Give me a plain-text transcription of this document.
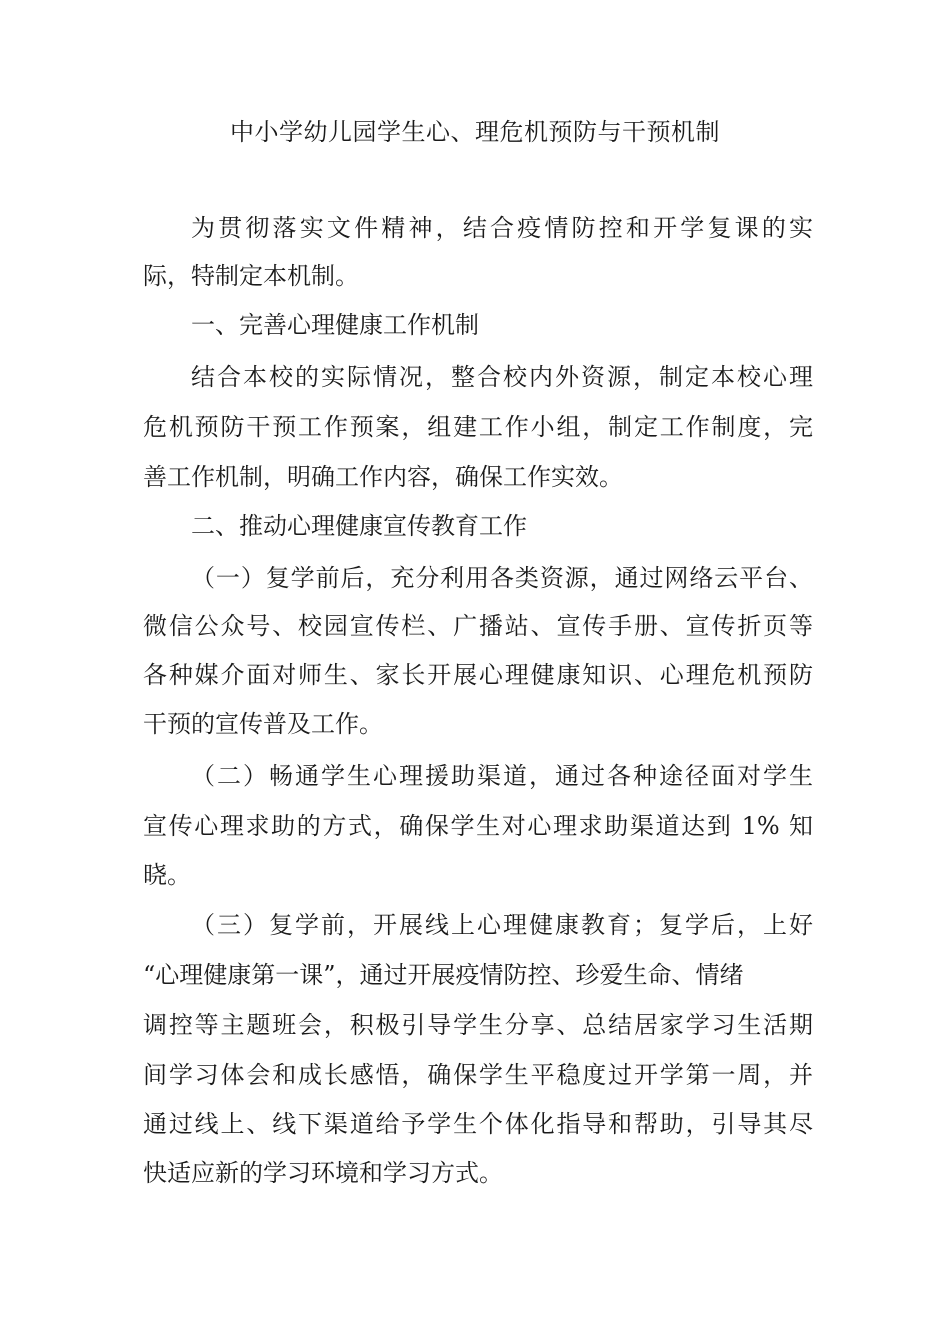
中小学幼儿园学生心、理危机预防与干预机制

为贯彻落实文件精神，结合疫情防控和开学复课的实

际，特制定本机制。

一、完善心理健康工作机制

结合本校的实际情况，整合校内外资源，制定本校心理

危机预防干预工作预案，组建工作小组，制定工作制度，完

善工作机制，明确工作内容，确保工作实效。

二、推动心理健康宣传教育工作

（一）复学前后，充分利用各类资源，通过网络云平台、

微信公众号、校园宣传栏、广播站、宣传手册、宣传折页等

各种媒介面对师生、家长开展心理健康知识、心理危机预防

干预的宣传普及工作。

（二）畅通学生心理援助渠道，通过各种途径面对学生

宣传心理求助的方式，确保学生对心理求助渠道达到 1% 知

晓。

（三）复学前，开展线上心理健康教育；复学后，上好

“心理健康第一课”，通过开展疫情防控、珍爱生命、情绪

调控等主题班会，积极引导学生分享、总结居家学习生活期

间学习体会和成长感悟，确保学生平稳度过开学第一周，并

通过线上、线下渠道给予学生个体化指导和帮助，引导其尽

快适应新的学习环境和学习方式。
